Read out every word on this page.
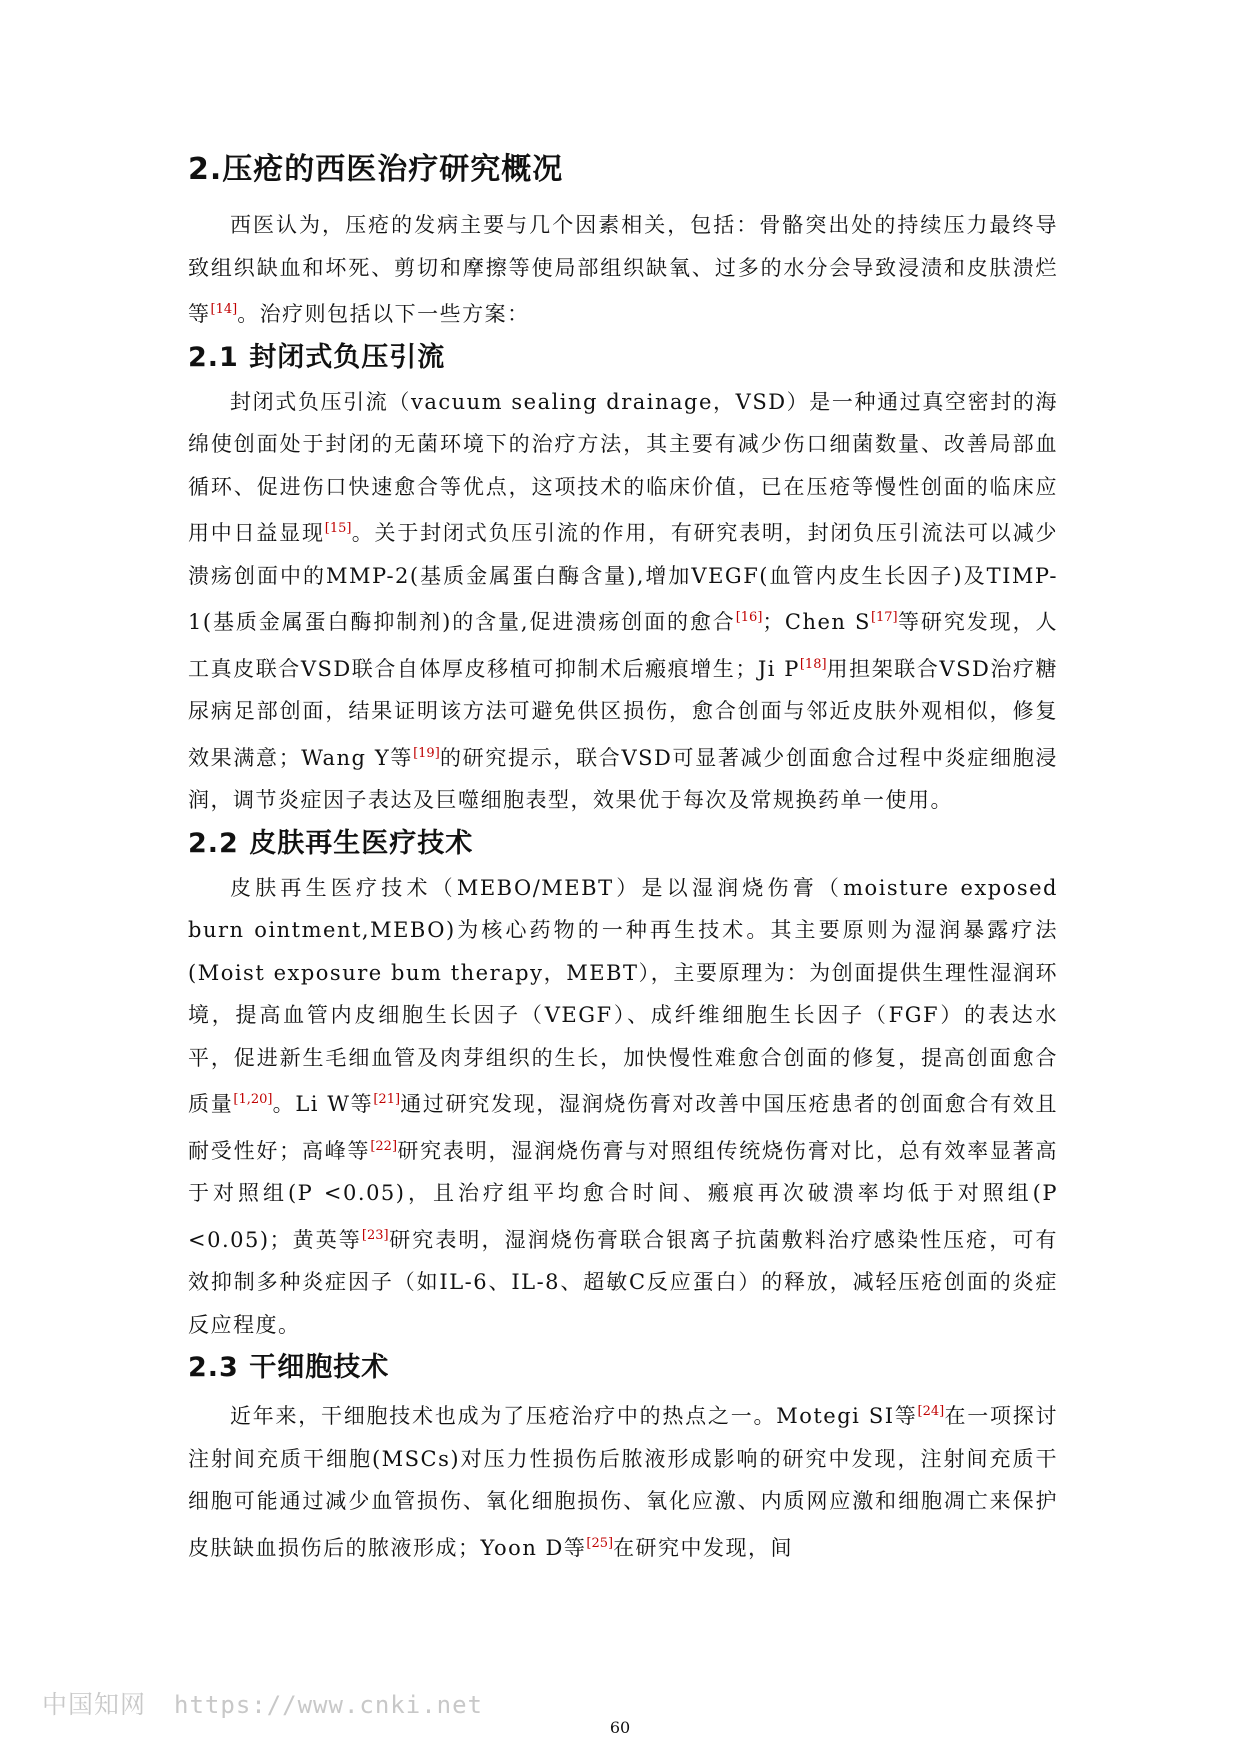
2.压疮的西医治疗研究概况

西医认为，压疮的发病主要与几个因素相关，包括：骨骼突出处的持续压力最终导致组织缺血和坏死、剪切和摩擦等使局部组织缺氧、过多的水分会导致浸渍和皮肤溃烂等[14]。治疗则包括以下一些方案：

2.1 封闭式负压引流

封闭式负压引流（vacuum sealing drainage，VSD）是一种通过真空密封的海绵使创面处于封闭的无菌环境下的治疗方法，其主要有减少伤口细菌数量、改善局部血循环、促进伤口快速愈合等优点，这项技术的临床价值，已在压疮等慢性创面的临床应用中日益显现[15]。关于封闭式负压引流的作用，有研究表明，封闭负压引流法可以减少溃疡创面中的MMP-2(基质金属蛋白酶含量),增加VEGF(血管内皮生长因子)及TIMP-1(基质金属蛋白酶抑制剂)的含量,促进溃疡创面的愈合[16]；Chen S[17]等研究发现，人工真皮联合VSD联合自体厚皮移植可抑制术后瘢痕增生；Ji P[18]用担架联合VSD治疗糖尿病足部创面，结果证明该方法可避免供区损伤，愈合创面与邻近皮肤外观相似，修复效果满意；Wang Y等[19]的研究提示，联合VSD可显著减少创面愈合过程中炎症细胞浸润，调节炎症因子表达及巨噬细胞表型，效果优于每次及常规换药单一使用。

2.2 皮肤再生医疗技术

皮肤再生医疗技术（MEBO/MEBT）是以湿润烧伤膏（moisture exposed burn ointment,MEBO)为核心药物的一种再生技术。其主要原则为湿润暴露疗法(Moist exposure bum therapy，MEBT），主要原理为：为创面提供生理性湿润环境，提高血管内皮细胞生长因子（VEGF）、成纤维细胞生长因子（FGF）的表达水平，促进新生毛细血管及肉芽组织的生长，加快慢性难愈合创面的修复，提高创面愈合质量[1,20]。Li W等[21]通过研究发现，湿润烧伤膏对改善中国压疮患者的创面愈合有效且耐受性好；高峰等[22]研究表明，湿润烧伤膏与对照组传统烧伤膏对比，总有效率显著高于对照组(P <0.05)，且治疗组平均愈合时间、瘢痕再次破溃率均低于对照组(P <0.05)；黄英等[23]研究表明，湿润烧伤膏联合银离子抗菌敷料治疗感染性压疮，可有效抑制多种炎症因子（如IL-6、IL-8、超敏C反应蛋白）的释放，减轻压疮创面的炎症反应程度。

2.3 干细胞技术

近年来，干细胞技术也成为了压疮治疗中的热点之一。Motegi SI等[24]在一项探讨注射间充质干细胞(MSCs)对压力性损伤后脓液形成影响的研究中发现，注射间充质干细胞可能通过减少血管损伤、氧化细胞损伤、氧化应激、内质网应激和细胞凋亡来保护皮肤缺血损伤后的脓液形成；Yoon D等[25]在研究中发现，间

中国知网 https://www.cnki.net
60
